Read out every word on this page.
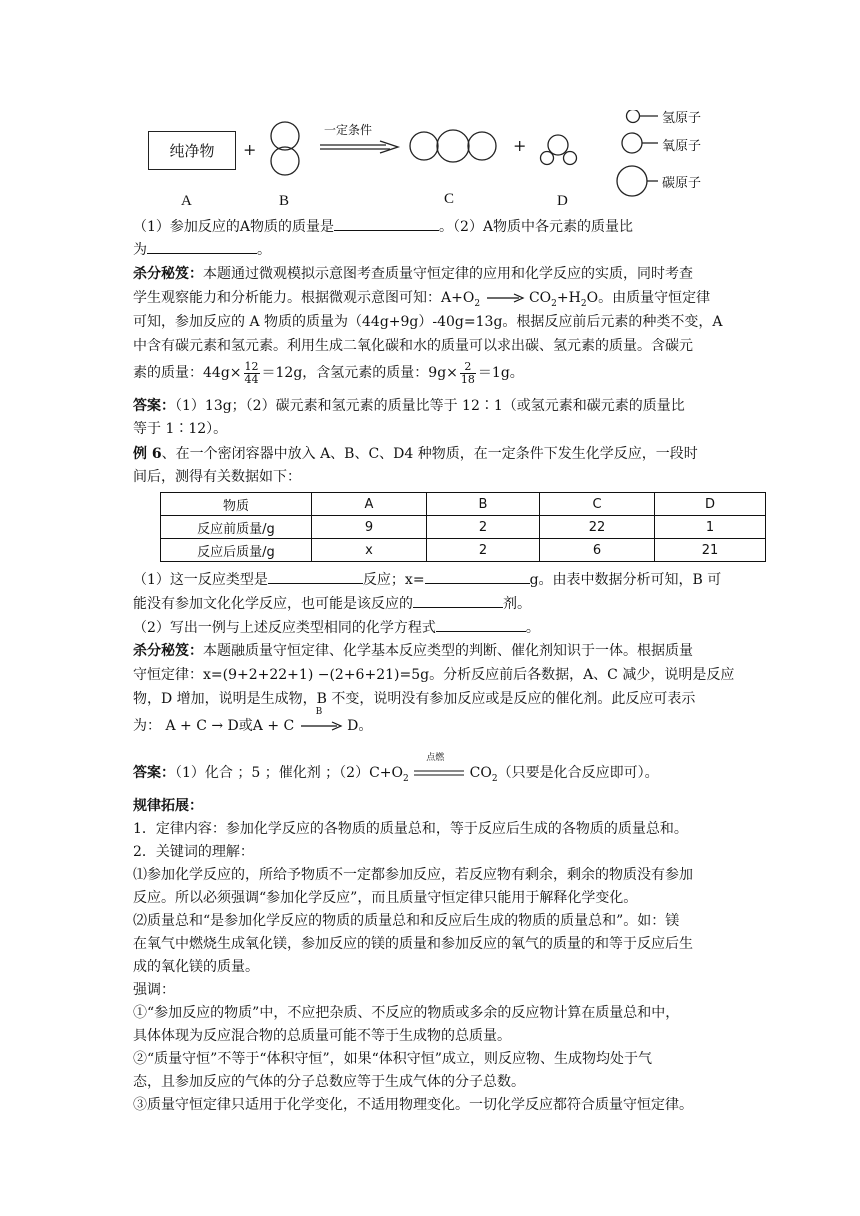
纯净物 +
一定条件
+
氢原子
氧原子
碳原子
A	B	C	D
（1）参加反应的A物质的质量是	。（2）A物质中各元素的质量比
为	。
杀分秘笈：本题通过微观模拟示意图考查质量守恒定律的应用和化学反应的实质，同时考查
学生观察能力和分析能力。根据微观示意图可知：$A+O_2$	$CO_2+H_2O$。由质量守恒定律
可知，参加反应的 A 物质的质量为（44g+9g）-40g=13g。根据反应前后元素的种类不变，A
中含有碳元素和氢元素。利用生成二氧化碳和水的质量可以求出碳、氢元素的质量。含碳元
素的质量：$44g\times \frac{12}{44} =12g$，含氢元素的质量：$9g\times \frac{2}{18} =1g$。
答案：（1）13g；（2）碳元素和氢元素的质量比等于 12∶1（或氢元素和碳元素的质量比
等于 1∶12）。
例 6、在一个密闭容器中放入 A、B、C、D4 种物质，在一定条件下发生化学反应，一段时
间后，测得有关数据如下：
物质	A	B	C	D
反应前质量/g	9	2	22	1
反应后质量/g	x	2	6	21
（1）这一反应类型是	反应；x=	g。由表中数据分析可知，B 可
能没有参加文化化学反应，也可能是该反应的	剂。
（2）写出一例与上述反应类型相同的化学方程式	。
杀分秘笈：本题融质量守恒定律、化学基本反应类型的判断、催化剂知识于一体。根据质量
守恒定律：x=(9+2+22+1) −(2+6+21)=5g。分析反应前后各数据，A、C 减少，说明是反应
物，D 增加，说明是生成物，B 不变，说明没有参加反应或是反应的催化剂。此反应可表示
为： A + C → D或A + C
B
D。
答案：（1）化合 ；5 ；催化剂 ；$(2)C+O_2$
点燃
$CO_2$（只要是化合反应即可）。
规律拓展：
1．定律内容：参加化学反应的各物质的质量总和，等于反应后生成的各物质的质量总和。
2．关键词的理解：
⑴参加化学反应的，所给予物质不一定都参加反应，若反应物有剩余，剩余的物质没有参加
反应。所以必须强调“参加化学反应”，而且质量守恒定律只能用于解释化学变化。
⑵质量总和“是参加化学反应的物质的质量总和和反应后生成的物质的质量总和”。如：镁
在氧气中燃烧生成氧化镁，参加反应的镁的质量和参加反应的氧气的质量的和等于反应后生
成的氧化镁的质量。
强调：
①“参加反应的物质”中，不应把杂质、不反应的物质或多余的反应物计算在质量总和中，
具体体现为反应混合物的总质量可能不等于生成物的总质量。
②“质量守恒”不等于“体积守恒”，如果“体积守恒”成立，则反应物、生成物均处于气
态，且参加反应的气体的分子总数应等于生成气体的分子总数。
③质量守恒定律只适用于化学变化，不适用物理变化。一切化学反应都符合质量守恒定律。
